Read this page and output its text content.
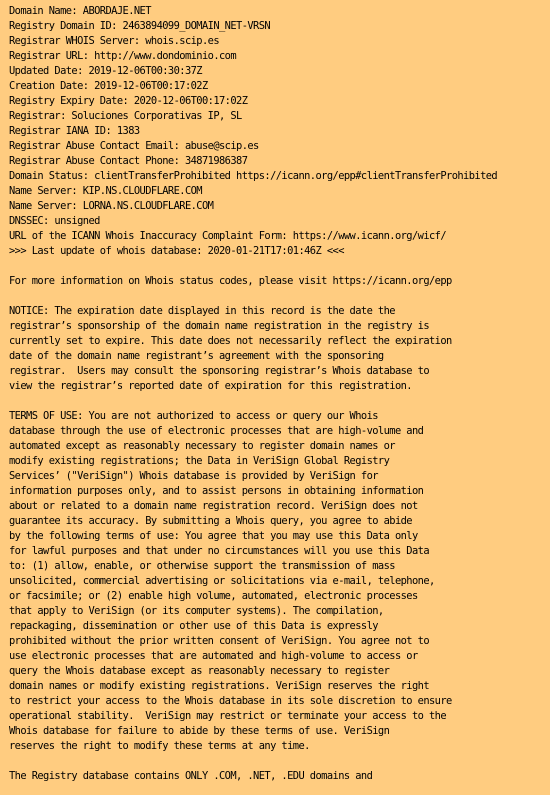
Domain Name: ABORDAJE.NET
Registry Domain ID: 2463894099_DOMAIN_NET-VRSN
Registrar WHOIS Server: whois.scip.es
Registrar URL: http://www.dondominio.com
Updated Date: 2019-12-06T00:30:37Z
Creation Date: 2019-12-06T00:17:02Z
Registry Expiry Date: 2020-12-06T00:17:02Z
Registrar: Soluciones Corporativas IP, SL
Registrar IANA ID: 1383
Registrar Abuse Contact Email: abuse@scip.es
Registrar Abuse Contact Phone: 34871986387
Domain Status: clientTransferProhibited https://icann.org/epp#clientTransferProhibited
Name Server: KIP.NS.CLOUDFLARE.COM
Name Server: LORNA.NS.CLOUDFLARE.COM
DNSSEC: unsigned
URL of the ICANN Whois Inaccuracy Complaint Form: https://www.icann.org/wicf/
>>> Last update of whois database: 2020-01-21T17:01:46Z <<<
For more information on Whois status codes, please visit https://icann.org/epp
NOTICE: The expiration date displayed in this record is the date the
registrar’s sponsorship of the domain name registration in the registry is
currently set to expire. This date does not necessarily reflect the expiration
date of the domain name registrant’s agreement with the sponsoring
registrar.  Users may consult the sponsoring registrar’s Whois database to
view the registrar’s reported date of expiration for this registration.
TERMS OF USE: You are not authorized to access or query our Whois
database through the use of electronic processes that are high-volume and
automated except as reasonably necessary to register domain names or
modify existing registrations; the Data in VeriSign Global Registry
Services’ ("VeriSign") Whois database is provided by VeriSign for
information purposes only, and to assist persons in obtaining information
about or related to a domain name registration record. VeriSign does not
guarantee its accuracy. By submitting a Whois query, you agree to abide
by the following terms of use: You agree that you may use this Data only
for lawful purposes and that under no circumstances will you use this Data
to: (1) allow, enable, or otherwise support the transmission of mass
unsolicited, commercial advertising or solicitations via e-mail, telephone,
or facsimile; or (2) enable high volume, automated, electronic processes
that apply to VeriSign (or its computer systems). The compilation,
repackaging, dissemination or other use of this Data is expressly
prohibited without the prior written consent of VeriSign. You agree not to
use electronic processes that are automated and high-volume to access or
query the Whois database except as reasonably necessary to register
domain names or modify existing registrations. VeriSign reserves the right
to restrict your access to the Whois database in its sole discretion to ensure
operational stability.  VeriSign may restrict or terminate your access to the
Whois database for failure to abide by these terms of use. VeriSign
reserves the right to modify these terms at any time.
The Registry database contains ONLY .COM, .NET, .EDU domains and
